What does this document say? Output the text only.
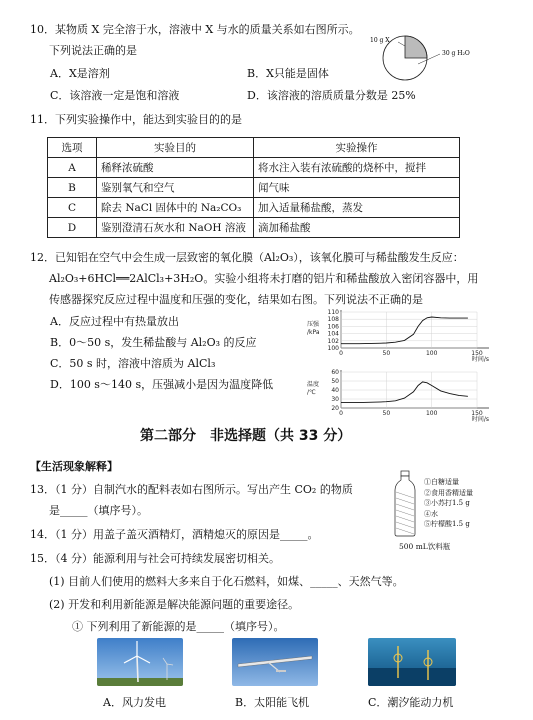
10．某物质 X 完全溶于水，溶液中 X 与水的质量关系如右图所示。
下列说法正确的是
A．X是溶剂	B．X只能是固体
C．该溶液一定是饱和溶液	D．该溶液的溶质质量分数是 25%
10 g X
30 g H₂O
11．下列实验操作中，能达到实验目的的是
选项	实验目的	实验操作
A	稀释浓硫酸	将水注入装有浓硫酸的烧杯中，搅拌
B	鉴别氧气和空气	闻气味
C	除去 NaCl 固体中的 Na₂CO₃	加入适量稀盐酸，蒸发
D	鉴别澄清石灰水和 NaOH 溶液	滴加稀盐酸
12．已知铝在空气中会生成一层致密的氧化膜（Al₂O₃），该氧化膜可与稀盐酸发生反应：
Al₂O₃+6HCl══2AlCl₃+3H₂O。实验小组将未打磨的铝片和稀盐酸放入密闭容器中，用
传感器探究反应过程中温度和压强的变化，结果如右图。下列说法不正确的是
A．反应过程中有热量放出
B．0～50 s，发生稀盐酸与 Al₂O₃ 的反应
C．50 s 时，溶液中溶质为 AlCl₃
D．100 s～140 s，压强减小是因为温度降低
100
102
104
106
108
110
0	50	100	150
压强
/kPa
时间/s
20
30
40
50
60
0	50	100	150
温度
/℃
时间/s
第二部分　非选择题（共 33 分）
【生活现象解释】
13．（1 分）自制汽水的配料表如右图所示。写出产生 CO₂ 的物质
是_____（填序号）。
①白糖适量
②食用香精适量
③小苏打1.5 g
④水
⑤柠檬酸1.5 g
500 mL饮料瓶
14．（1 分）用盖子盖灭酒精灯，酒精熄灭的原因是_____。
15．（4 分）能源利用与社会可持续发展密切相关。
(1) 目前人们使用的燃料大多来自于化石燃料，如煤、_____、天然气等。
(2) 开发和利用新能源是解决能源问题的重要途径。
① 下列利用了新能源的是_____（填序号）。
A．风力发电	B．太阳能飞机	C．潮汐能动力机
